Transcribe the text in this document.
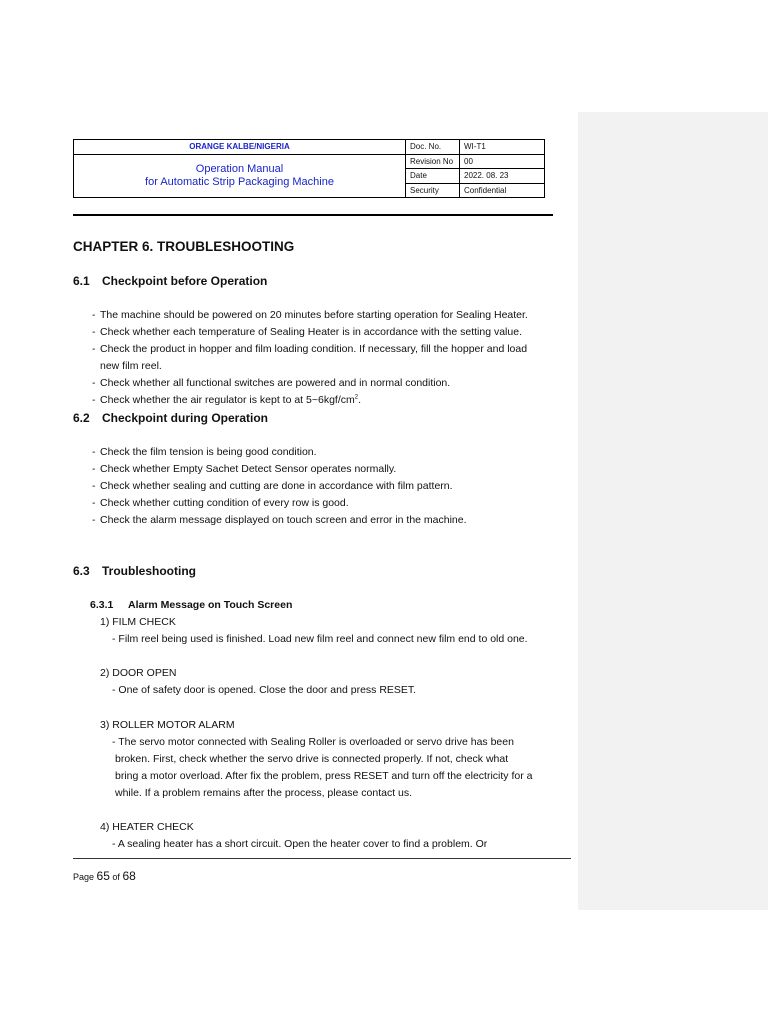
ORANGE KALBE/NIGERIA	Doc. No.	WI-T1
Operation Manual
for Automatic Strip Packaging Machine	Revision No	00
	Date	2022. 08. 23
	Security	Confidential
CHAPTER 6. TROUBLESHOOTING
6.1 Checkpoint before Operation
- The machine should be powered on 20 minutes before starting operation for Sealing Heater.
- Check whether each temperature of Sealing Heater is in accordance with the setting value.
- Check the product in hopper and film loading condition. If necessary, fill the hopper and load
new film reel.
- Check whether all functional switches are powered and in normal condition.
- Check whether the air regulator is kept to at $5\sim 6kgf/cm^2$.
6.2 Checkpoint during Operation
- Check the film tension is being good condition.
- Check whether Empty Sachet Detect Sensor operates normally.
- Check whether sealing and cutting are done in accordance with film pattern.
- Check whether cutting condition of every row is good.
- Check the alarm message displayed on touch screen and error in the machine.
6.3 Troubleshooting
6.3.1 Alarm Message on Touch Screen
1) FILM CHECK
- Film reel being used is finished. Load new film reel and connect new film end to old one.
2) DOOR OPEN
- One of safety door is opened. Close the door and press RESET.
3) ROLLER MOTOR ALARM
- The servo motor connected with Sealing Roller is overloaded or servo drive has been
broken. First, check whether the servo drive is connected properly. If not, check what
bring a motor overload. After fix the problem, press RESET and turn off the electricity for a
while. If a problem remains after the process, please contact us.
4) HEATER CHECK
- A sealing heater has a short circuit. Open the heater cover to find a problem. Or
Page 65 of 68
